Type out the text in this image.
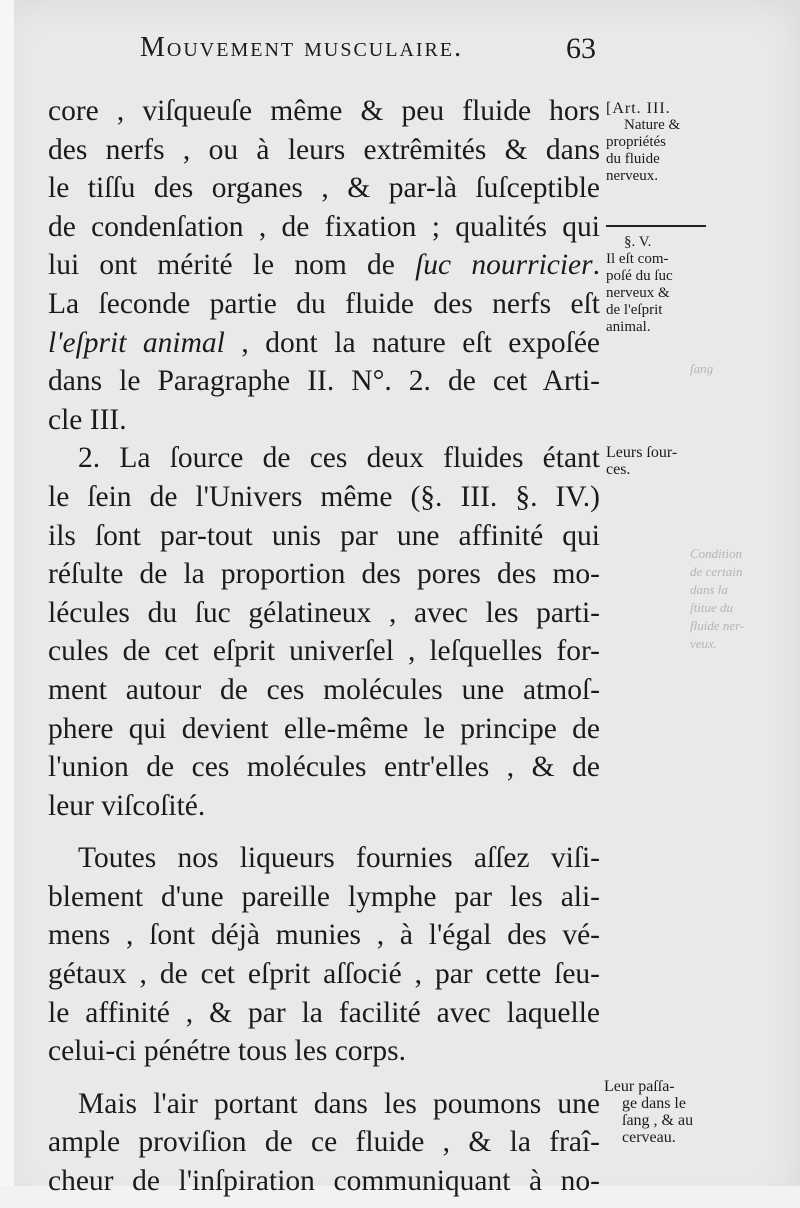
Mouvement musculaire.	63
core , viſqueuſe même & peu fluide hors
des nerfs , ou à leurs extrêmités & dans
le tiſſu des organes , & par-là ſuſceptible
de condenſation , de fixation ; qualités qui
lui ont mérité le nom de ſuc nourricier.
La ſeconde partie du fluide des nerfs eſt
l'eſprit animal , dont la nature eſt expoſée
dans le Paragraphe II. N°. 2. de cet Arti-
cle III.
2. La ſource de ces deux fluides étant
le ſein de l'Univers même (§. III. §. IV.)
ils ſont par-tout unis par une affinité qui
réſulte de la proportion des pores des mo-
lécules du ſuc gélatineux , avec les parti-
cules de cet eſprit univerſel , leſquelles for-
ment autour de ces molécules une atmoſ-
phere qui devient elle-même le principe de
l'union de ces molécules entr'elles , & de
leur viſcoſité.
Toutes nos liqueurs fournies aſſez viſi-
blement d'une pareille lymphe par les ali-
mens , ſont déjà munies , à l'égal des vé-
gétaux , de cet eſprit aſſocié , par cette ſeu-
le affinité , & par la facilité avec laquelle
celui-ci pénétre tous les corps.
Mais l'air portant dans les poumons une
ample proviſion de ce fluide , & la fraî-
cheur de l'inſpiration communiquant à no-
[Art. III.
Nature &
propriétés
du fluide
nerveux.
§. V.
Il eſt com-
poſé du ſuc
nerveux &
de l'eſprit
animal.
Leurs ſour-
ces.
Leur paſſa-
ge dans le
ſang , & au
cerveau.
ſang
Condition
de certain
dans la
ſtitue du
fluide ner-
veux.
